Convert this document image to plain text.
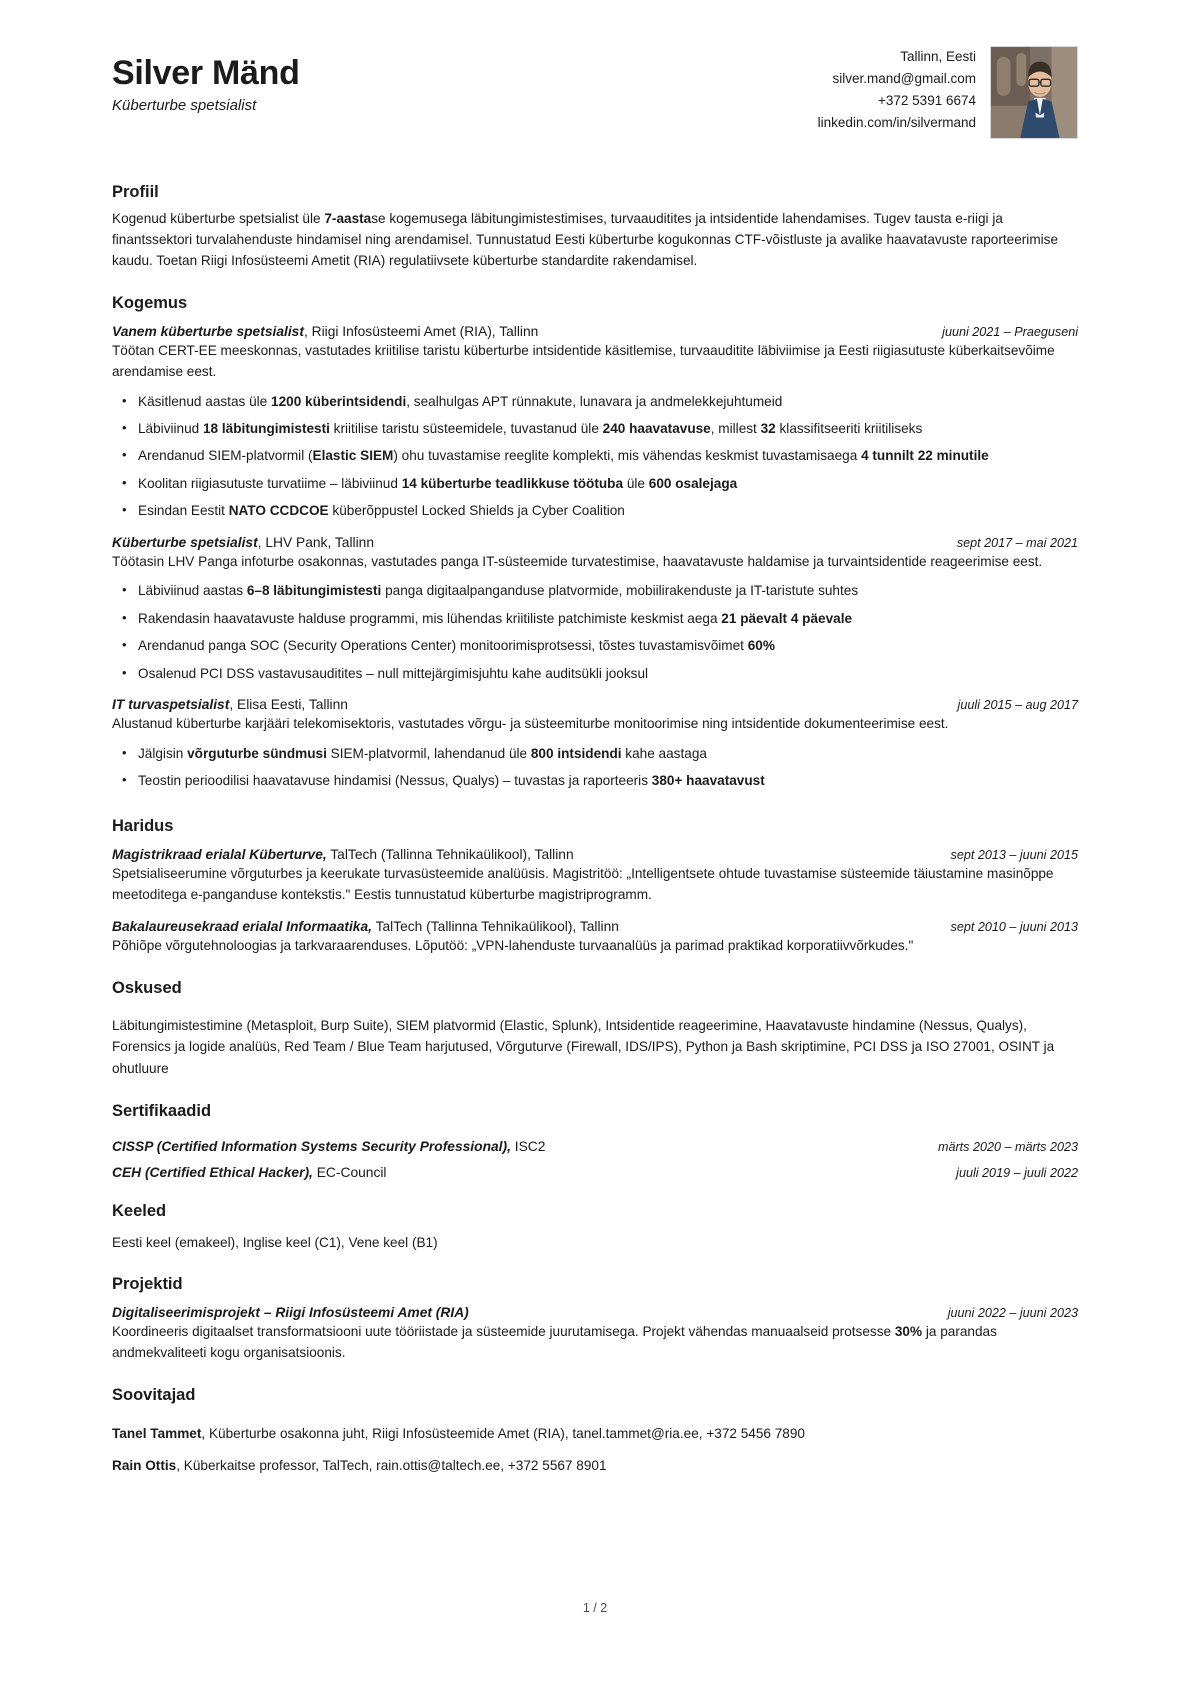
Silver Mänd
Küberturbe spetsialist
Tallinn, Eesti
silver.mand@gmail.com
+372 5391 6674
linkedin.com/in/silvermand
Profiil

Kogenud küberturbe spetsialist üle 7-aastase kogemusega läbitungimistestimises, turvaauditites ja intsidentide lahendamises. Tugev tausta e-riigi ja finantssektori turvalahenduste hindamisel ning arendamisel. Tunnustatud Eesti küberturbe kogukonnas CTF-võistluste ja avalike haavatavuste raporteerimise kaudu. Toetan Riigi Infosüsteemi Ametit (RIA) regulatiivsete küberturbe standardite rakendamisel.

Kogemus
Vanem küberturbe spetsialist, Riigi Infosüsteemi Amet (RIA), Tallinn	juuni 2021 – Praeguseni
Töötan CERT-EE meeskonnas, vastutades kriitilise taristu küberturbe intsidentide käsitlemise, turvaauditite läbiviimise ja Eesti riigiasutuste küberkaitsevõime arendamise eest.
• Käsitlenud aastas üle 1200 küberintsidendi, sealhulgas APT rünnakute, lunavara ja andmelekkejuhtumeid
• Läbiviinud 18 läbitungimistesti kriitilise taristu süsteemidele, tuvastanud üle 240 haavatavuse, millest 32 klassifitseeriti kriitiliseks
• Arendanud SIEM-platvormil (Elastic SIEM) ohu tuvastamise reeglite komplekti, mis vähendas keskmist tuvastamisaega 4 tunnilt 22 minutile
• Koolitan riigiasutuste turvatiime – läbiviinud 14 küberturbe teadlikkuse töötuba üle 600 osalejaga
• Esindan Eestit NATO CCDCOE küberõppustel Locked Shields ja Cyber Coalition
Küberturbe spetsialist, LHV Pank, Tallinn	sept 2017 – mai 2021
Töötasin LHV Panga infoturbe osakonnas, vastutades panga IT-süsteemide turvatestimise, haavatavuste haldamise ja turvaintsidentide reageerimise eest.
• Läbiviinud aastas 6–8 läbitungimistesti panga digitaalpanganduse platvormide, mobiilirakenduste ja IT-taristute suhtes
• Rakendasin haavatavuste halduse programmi, mis lühendas kriitiliste patchimiste keskmist aega 21 päevalt 4 päevale
• Arendanud panga SOC (Security Operations Center) monitoorimisprotsessi, tõstes tuvastamisvõimet 60%
• Osalenud PCI DSS vastavusauditites – null mittejärgimisjuhtu kahe auditsükli jooksul
IT turvaspetsialist, Elisa Eesti, Tallinn	juuli 2015 – aug 2017
Alustanud küberturbe karjääri telekomisektoris, vastutades võrgu- ja süsteemiturbe monitoorimise ning intsidentide dokumenteerimise eest.
• Jälgisin võrguturbe sündmusi SIEM-platvormil, lahendanud üle 800 intsidendi kahe aastaga
• Teostin perioodilisi haavatavuse hindamisi (Nessus, Qualys) – tuvastas ja raporteeris 380+ haavatavust
Haridus
Magistrikraad erialal Küberturve, TalTech (Tallinna Tehnikaülikool), Tallinn	sept 2013 – juuni 2015
Spetsialiseerumine võrguturbes ja keerukate turvasüsteemide analüüsis. Magistritöö: „Intelligentsete ohtude tuvastamise süsteemide täiustamine masinõppe meetoditega e-panganduse kontekstis." Eestis tunnustatud küberturbe magistriprogramm.
Bakalaureusekraad erialal Informaatika, TalTech (Tallinna Tehnikaülikool), Tallinn	sept 2010 – juuni 2013
Põhiõpe võrgutehnoloogias ja tarkvaraarenduses. Lõputöö: „VPN-lahenduste turvaanalüüs ja parimad praktikad korporatiivvõrkudes."
Oskused

Läbitungimistestimine (Metasploit, Burp Suite), SIEM platvormid (Elastic, Splunk), Intsidentide reageerimine, Haavatavuste hindamine (Nessus, Qualys), Forensics ja logide analüüs, Red Team / Blue Team harjutused, Võrguturve (Firewall, IDS/IPS), Python ja Bash skriptimine, PCI DSS ja ISO 27001, OSINT ja ohutluure

Sertifikaadid
CISSP (Certified Information Systems Security Professional), ISC2	märts 2020 – märts 2023
CEH (Certified Ethical Hacker), EC-Council	juuli 2019 – juuli 2022
Keeled

Eesti keel (emakeel), Inglise keel (C1), Vene keel (B1)

Projektid
Digitaliseerimisprojekt – Riigi Infosüsteemi Amet (RIA)	juuni 2022 – juuni 2023
Koordineeris digitaalset transformatsiooni uute tööriistade ja süsteemide juurutamisega. Projekt vähendas manuaalseid protsesse 30% ja parandas andmekvaliteeti kogu organisatsioonis.
Soovitajad
Tanel Tammet, Küberturbe osakonna juht, Riigi Infosüsteemide Amet (RIA), tanel.tammet@ria.ee, +372 5456 7890
Rain Ottis, Küberkaitse professor, TalTech, rain.ottis@taltech.ee, +372 5567 8901
1 / 2
